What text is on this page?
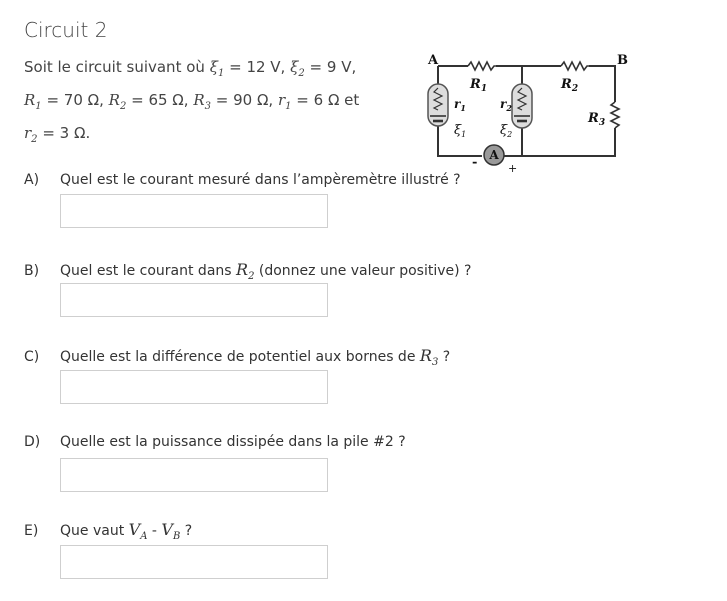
Circuit 2
Soit le circuit suivant où $\xi_1 = 12$ V, $\xi_2 = 9$ V,
$R_1 = 70$ Ω, $R_2 = 65$ Ω, $R_3 = 90$ Ω, $r_1 = 6$ Ω et
$r_2 = 3$ Ω.
A
A	B
$R_1$	$R_2$
$R_3$
$r_1$	$r_2$
$\xi_1$	$\xi_2$
-	+
A) Quel est le courant mesuré dans l’ampèremètre illustré ?
B) Quel est le courant dans $R_2$ (donnez une valeur positive) ?
C) Quelle est la différence de potentiel aux bornes de $R_3$ ?
D) Quelle est la puissance dissipée dans la pile #2 ?
E) Que vaut $V_A - V_B$ ?
